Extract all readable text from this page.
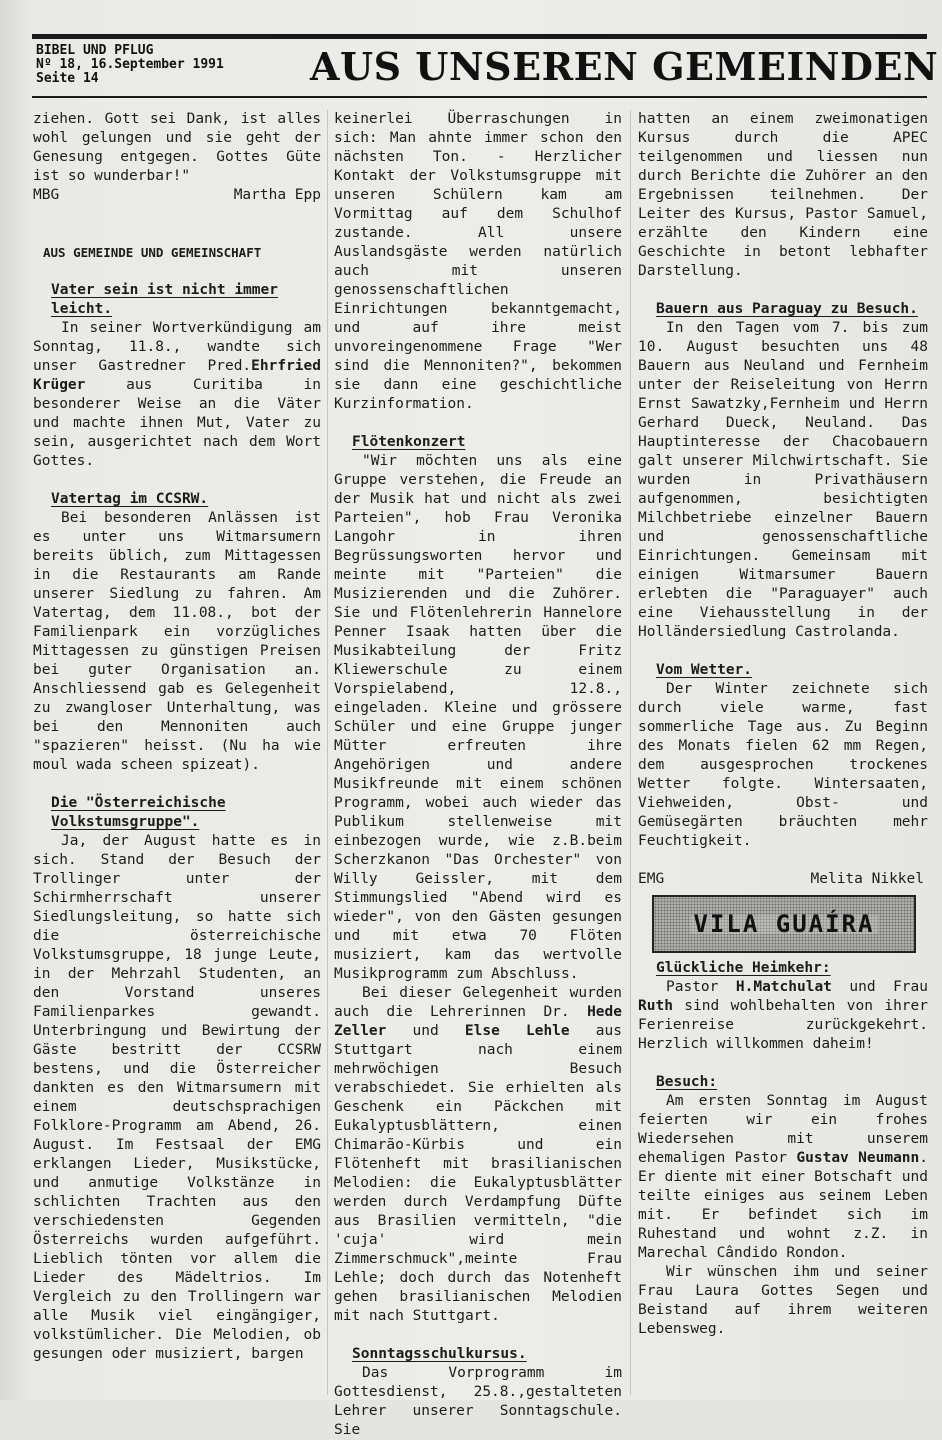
BIBEL UND PFLUG
Nº 18, 16.September 1991
Seite 14	AUS UNSEREN GEMEINDEN

ziehen. Gott sei Dank, ist alles wohl gelungen und sie geht der Genesung entgegen. Gottes Güte ist so wunderbar!"

MBG	Martha Epp

AUS GEMEINDE UND GEMEINSCHAFT

Vater sein ist nicht immer leicht.

In seiner Wortverkündigung am Sonntag, 11.8., wandte sich unser Gastredner Pred.Ehrfried Krüger aus Curitiba in besonderer Weise an die Väter und machte ihnen Mut, Vater zu sein, ausgerichtet nach dem Wort Gottes.

Vatertag im CCSRW.

Bei besonderen Anlässen ist es unter uns Witmarsumern bereits üblich, zum Mittagessen in die Restaurants am Rande unserer Siedlung zu fahren. Am Vatertag, dem 11.08., bot der Familienpark ein vorzügliches Mittagessen zu günstigen Preisen bei guter Organisation an. Anschliessend gab es Gelegenheit zu zwangloser Unterhaltung, was bei den Mennoniten auch "spazieren" heisst. (Nu ha wie moul wada scheen spizeat).

Die "Österreichische Volkstumsgruppe".

Ja, der August hatte es in sich. Stand der Besuch der Trollinger unter der Schirmherrschaft unserer Siedlungsleitung, so hatte sich die österreichische Volkstumsgruppe, 18 junge Leute, in der Mehrzahl Studenten, an den Vorstand unseres Familienparkes gewandt. Unterbringung und Bewirtung der Gäste bestritt der CCSRW bestens, und die Österreicher dankten es den Witmarsumern mit einem deutschsprachigen Folklore-Programm am Abend, 26. August. Im Festsaal der EMG erklangen Lieder, Musikstücke, und anmutige Volkstänze in schlichten Trachten aus den verschiedensten Gegenden Österreichs wurden aufgeführt. Lieblich tönten vor allem die Lieder des Mädeltrios. Im Vergleich zu den Trollingern war alle Musik viel eingängiger, volkstümlicher. Die Melodien, ob gesungen oder musiziert, bargen

keinerlei Überraschungen in sich: Man ahnte immer schon den nächsten Ton. - Herzlicher Kontakt der Volkstumsgruppe mit unseren Schülern kam am Vormittag auf dem Schulhof zustande. All unsere Auslandsgäste werden natürlich auch mit unseren genossenschaftlichen Einrichtungen bekanntgemacht, und auf ihre meist unvoreingenommene Frage "Wer sind die Mennoniten?", bekommen sie dann eine geschichtliche Kurzinformation.

Flötenkonzert

"Wir möchten uns als eine Gruppe verstehen, die Freude an der Musik hat und nicht als zwei Parteien", hob Frau Veronika Langohr in ihren Begrüssungsworten hervor und meinte mit "Parteien" die Musizierenden und die Zuhörer. Sie und Flötenlehrerin Hannelore Penner Isaak hatten über die Musikabteilung der Fritz Kliewerschule zu einem Vorspielabend, 12.8., eingeladen. Kleine und grössere Schüler und eine Gruppe junger Mütter erfreuten ihre Angehörigen und andere Musikfreunde mit einem schönen Programm, wobei auch wieder das Publikum stellenweise mit einbezogen wurde, wie z.B.beim Scherzkanon "Das Orchester" von Willy Geissler, mit dem Stimmungslied "Abend wird es wieder", von den Gästen gesungen und mit etwa 70 Flöten musiziert, kam das wertvolle Musikprogramm zum Abschluss.

Bei dieser Gelegenheit wurden auch die Lehrerinnen Dr. Hede Zeller und Else Lehle aus Stuttgart nach einem mehrwöchigen Besuch verabschiedet. Sie erhielten als Geschenk ein Päckchen mit Eukalyptusblättern, einen Chimarão-Kürbis und ein Flötenheft mit brasilianischen Melodien: die Eukalyptusblätter werden durch Verdampfung Düfte aus Brasilien vermitteln, "die 'cuja' wird mein Zimmerschmuck",meinte Frau Lehle; doch durch das Notenheft gehen brasilianischen Melodien mit nach Stuttgart.

Sonntagsschulkursus.

Das Vorprogramm im Gottesdienst, 25.8.,gestalteten Lehrer unserer Sonntagschule. Sie

hatten an einem zweimonatigen Kursus durch die APEC teilgenommen und liessen nun durch Berichte die Zuhörer an den Ergebnissen teilnehmen. Der Leiter des Kursus, Pastor Samuel, erzählte den Kindern eine Geschichte in betont lebhafter Darstellung.

Bauern aus Paraguay zu Besuch.

In den Tagen vom 7. bis zum 10. August besuchten uns 48 Bauern aus Neuland und Fernheim unter der Reiseleitung von Herrn Ernst Sawatzky,Fernheim und Herrn Gerhard Dueck, Neuland. Das Hauptinteresse der Chacobauern galt unserer Milchwirtschaft. Sie wurden in Privathäusern aufgenommen, besichtigten Milchbetriebe einzelner Bauern und genossenschaftliche Einrichtungen. Gemeinsam mit einigen Witmarsumer Bauern erlebten die "Paraguayer" auch eine Viehausstellung in der Holländersiedlung Castrolanda.

Vom Wetter.

Der Winter zeichnete sich durch viele warme, fast sommerliche Tage aus. Zu Beginn des Monats fielen 62 mm Regen, dem ausgesprochen trockenes Wetter folgte. Wintersaaten, Viehweiden, Obst- und Gemüsegärten bräuchten mehr Feuchtigkeit.

EMG	Melita Nikkel
VILA GUAÍRA

Glückliche Heimkehr:

Pastor H.Matchulat und Frau Ruth sind wohlbehalten von ihrer Ferienreise zurückgekehrt. Herzlich willkommen daheim!

Besuch:

Am ersten Sonntag im August feierten wir ein frohes Wiedersehen mit unserem ehemaligen Pastor Gustav Neumann. Er diente mit einer Botschaft und teilte einiges aus seinem Leben mit. Er befindet sich im Ruhestand und wohnt z.Z. in Marechal Cândido Rondon.

Wir wünschen ihm und seiner Frau Laura Gottes Segen und Beistand auf ihrem weiteren Lebensweg.
